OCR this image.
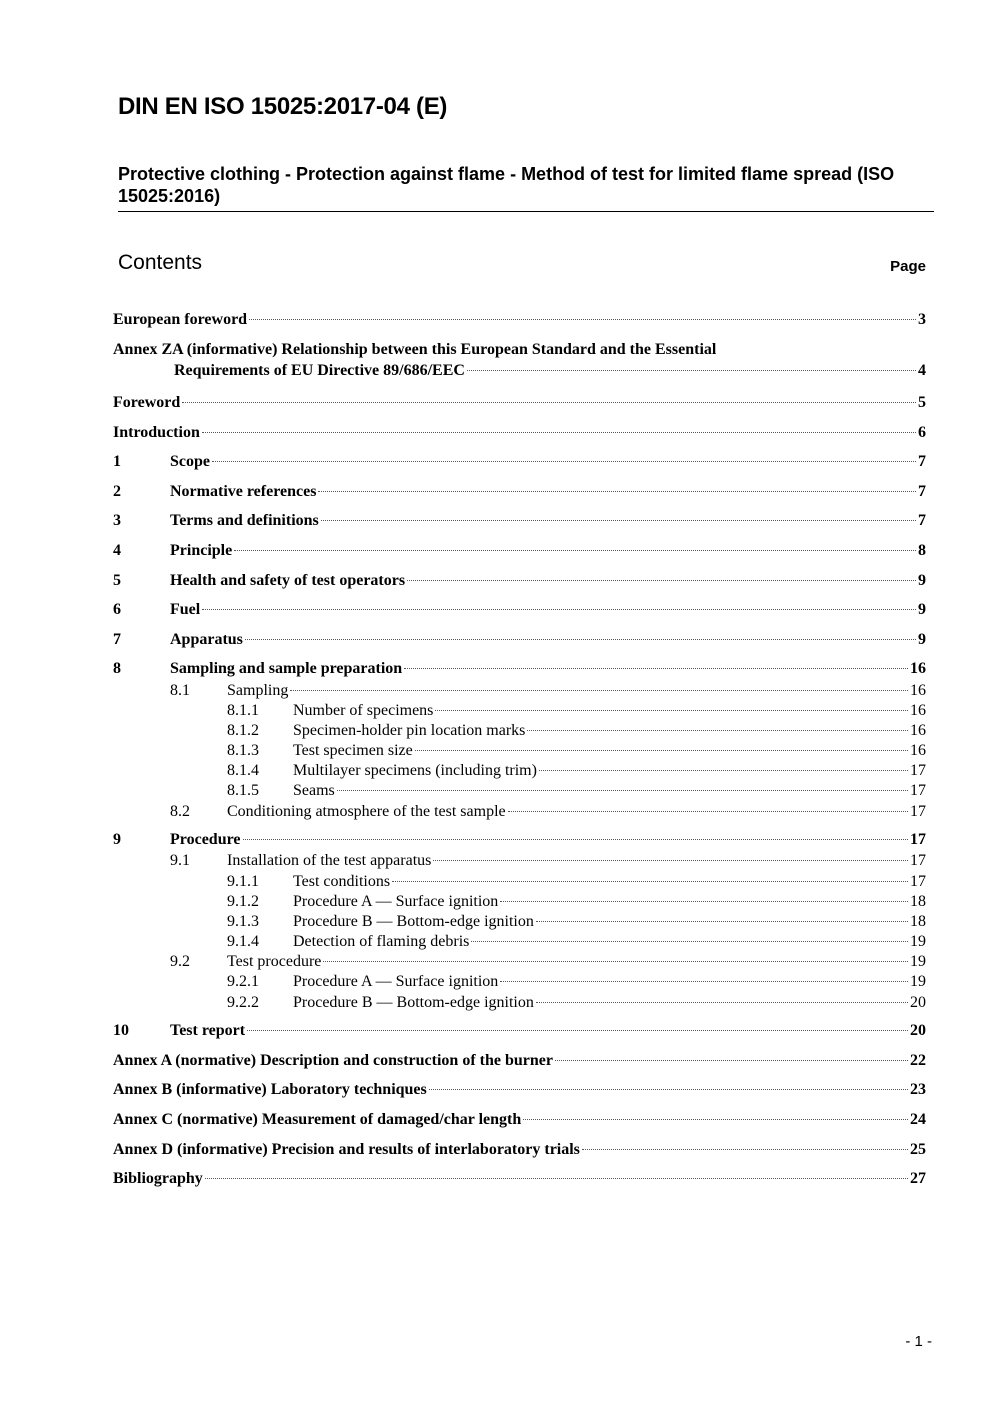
DIN EN ISO 15025:2017-04 (E)
Protective clothing - Protection against flame - Method of test for limited flame spread (ISO 15025:2016)
Contents	Page
European foreword	3
Annex ZA (informative) Relationship between this European Standard and the Essential
Requirements of EU Directive 89/686/EEC	4
Foreword	5
Introduction	6
1	Scope	7
2	Normative references	7
3	Terms and definitions	7
4	Principle	8
5	Health and safety of test operators	9
6	Fuel	9
7	Apparatus	9
8	Sampling and sample preparation	16
8.1	Sampling	16
8.1.1	Number of specimens	16
8.1.2	Specimen-holder pin location marks	16
8.1.3	Test specimen size	16
8.1.4	Multilayer specimens (including trim)	17
8.1.5	Seams	17
8.2	Conditioning atmosphere of the test sample	17
9	Procedure	17
9.1	Installation of the test apparatus	17
9.1.1	Test conditions	17
9.1.2	Procedure A — Surface ignition	18
9.1.3	Procedure B — Bottom-edge ignition	18
9.1.4	Detection of flaming debris	19
9.2	Test procedure	19
9.2.1	Procedure A — Surface ignition	19
9.2.2	Procedure B — Bottom-edge ignition	20
10	Test report	20
Annex A (normative) Description and construction of the burner	22
Annex B (informative) Laboratory techniques	23
Annex C (normative) Measurement of damaged/char length	24
Annex D (informative) Precision and results of interlaboratory trials	25
Bibliography	27
- 1 -
